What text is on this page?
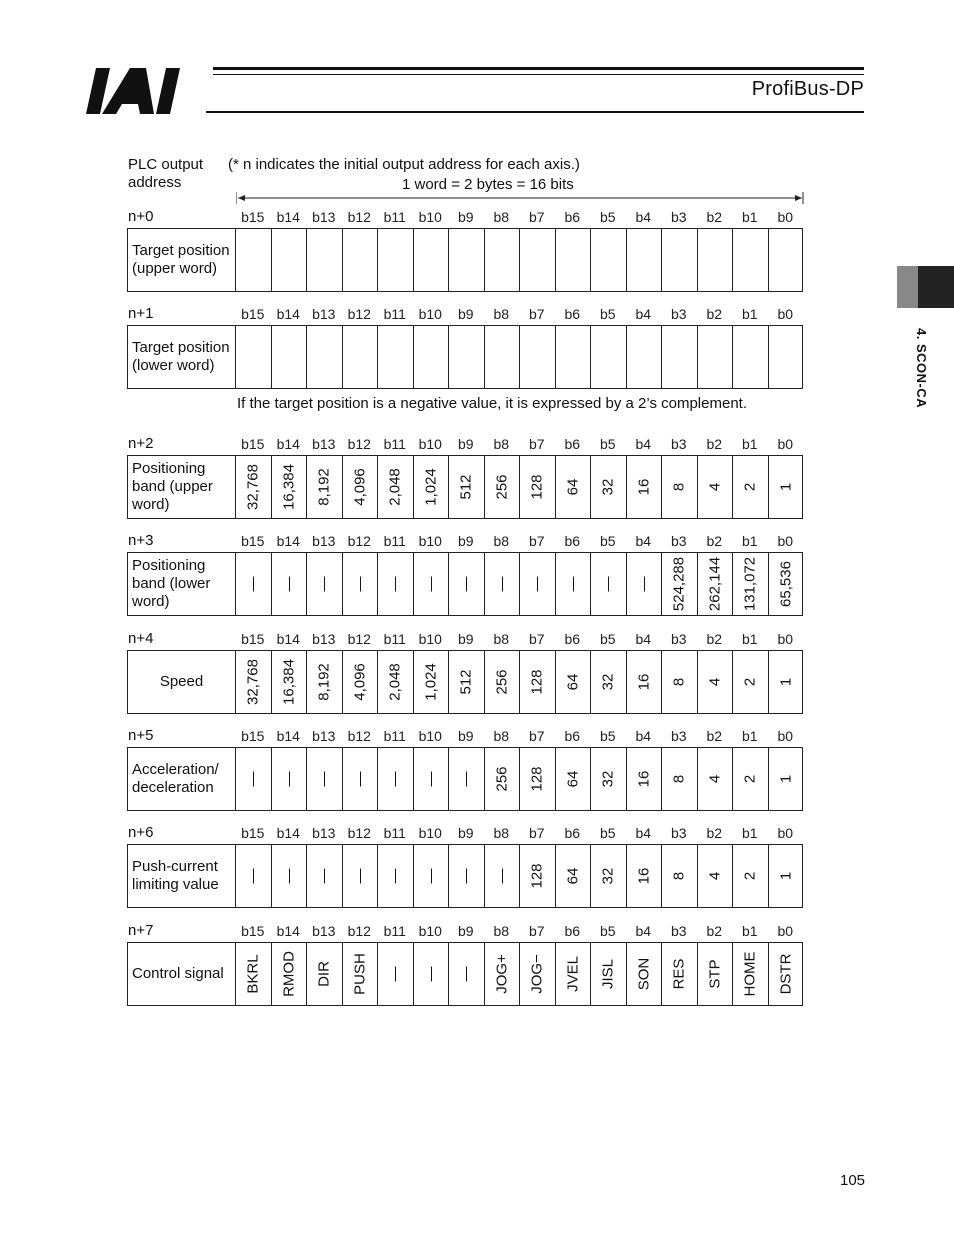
ProfiBus-DP
4. SCON-CA
PLC output address
(* n indicates the initial output address for each axis.)
1 word = 2 bytes = 16 bits
n+0	b15 b14 b13 b12 b11 b10	b9	b8	b7	b6	b5	b4	b3	b2	b1	b0
Target position (upper word)
n+1	b15 b14 b13 b12 b11 b10	b9	b8	b7	b6	b5	b4	b3	b2	b1	b0
Target position (lower word)
n+2	b15 b14 b13 b12 b11 b10	b9	b8	b7	b6	b5	b4	b3	b2	b1	b0
Positioning band (upper word)	32,768 16,384 8,192 4,096 2,048 1,024 512 256 128 64 32 16 8 4 2 1
n+3	b15 b14 b13 b12 b11 b10	b9	b8	b7	b6	b5	b4	b3	b2	b1	b0
Positioning band (lower word)
— — — — — — — — — — — — 524,288 262,144 131,072 65,536
n+4	b15 b14 b13 b12 b11 b10	b9	b8	b7	b6	b5	b4	b3	b2	b1	b0
Speed	32,768 16,384 8,192 4,096 2,048 1,024 512 256 128 64 32 16 8 4 2 1
n+5	b15 b14 b13 b12 b11 b10	b9	b8	b7	b6	b5	b4	b3	b2	b1	b0
Acceleration/ deceleration	— — — — — — — 256 128 64 32 16 8 4 2 1
n+6	b15 b14 b13 b12 b11 b10	b9	b8	b7	b6	b5	b4	b3	b2	b1	b0
Push-current limiting value	— — — — — — — — 128 64 32 16 8 4 2 1
n+7	b15 b14 b13 b12 b11 b10	b9	b8	b7	b6	b5	b4	b3	b2	b1	b0
Control signal	BKRL RMOD DIR PUSH — — — JOG+ JOG− JVEL JISL SON RES STP HOME DSTR
If the target position is a negative value, it is expressed by a 2’s complement.
105
